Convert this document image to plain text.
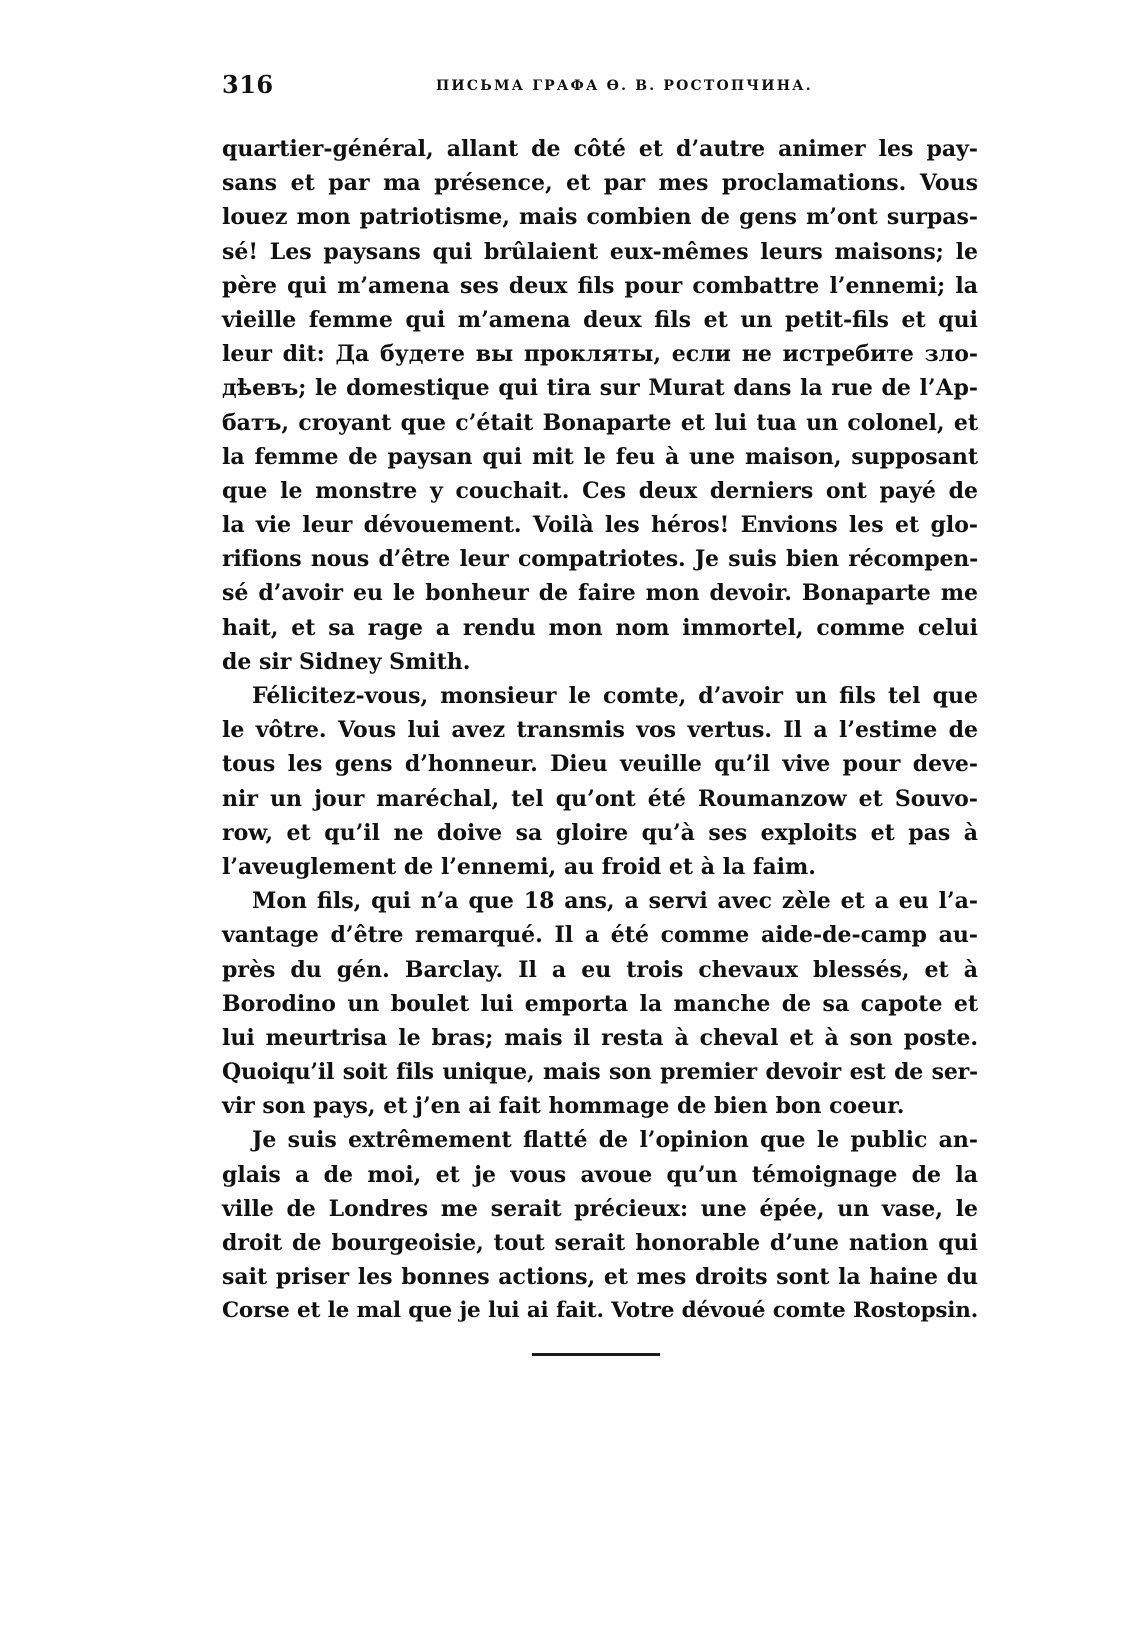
316	ПИСЬМА ГРАФА Ѳ. В. РОСТОПЧИНА.
quartier-général, allant de côté et d’autre animer les pay-
sans et par ma présence, et par mes proclamations. Vous
louez mon patriotisme, mais combien de gens m’ont surpas-
sé! Les paysans qui brûlaient eux-mêmes leurs maisons; le
père qui m’amena ses deux fils pour combattre l’ennemi; la
vieille femme qui m’amena deux fils et un petit-fils et qui
leur dit: Да будете вы прокляты, если не истребите зло-
дѣевъ; le domestique qui tira sur Murat dans la rue de l’Ар-
батъ, croyant que c’était Bonaparte et lui tua un colonel, et
la femme de paysan qui mit le feu à une maison, supposant
que le monstre y couchait. Ces deux derniers ont payé de
la vie leur dévouement. Voilà les héros! Envions les et glo-
rifions nous d’être leur compatriotes. Je suis bien récompen-
sé d’avoir eu le bonheur de faire mon devoir. Bonaparte me
hait, et sa rage a rendu mon nom immortel, comme celui
de sir Sidney Smith.
Félicitez-vous, monsieur le comte, d’avoir un fils tel que
le vôtre. Vous lui avez transmis vos vertus. Il a l’estime de
tous les gens d’honneur. Dieu veuille qu’il vive pour deve-
nir un jour maréchal, tel qu’ont été Roumanzow et Souvo-
row, et qu’il ne doive sa gloire qu’à ses exploits et pas à
l’aveuglement de l’ennemi, au froid et à la faim.
Mon fils, qui n’a que 18 ans, a servi avec zèle et a eu l’a-
vantage d’être remarqué. Il a été comme aide-de-camp au-
près du gén. Barclay. Il a eu trois chevaux blessés, et à
Borodino un boulet lui emporta la manche de sa capote et
lui meurtrisa le bras; mais il resta à cheval et à son poste.
Quoiqu’il soit fils unique, mais son premier devoir est de ser-
vir son pays, et j’en ai fait hommage de bien bon coeur.
Je suis extrêmement flatté de l’opinion que le public an-
glais a de moi, et je vous avoue qu’un témoignage de la
ville de Londres me serait précieux: une épée, un vase, le
droit de bourgeoisie, tout serait honorable d’une nation qui
sait priser les bonnes actions, et mes droits sont la haine du
Corse et le mal que je lui ai fait. Votre dévoué comte Rostopsin.
